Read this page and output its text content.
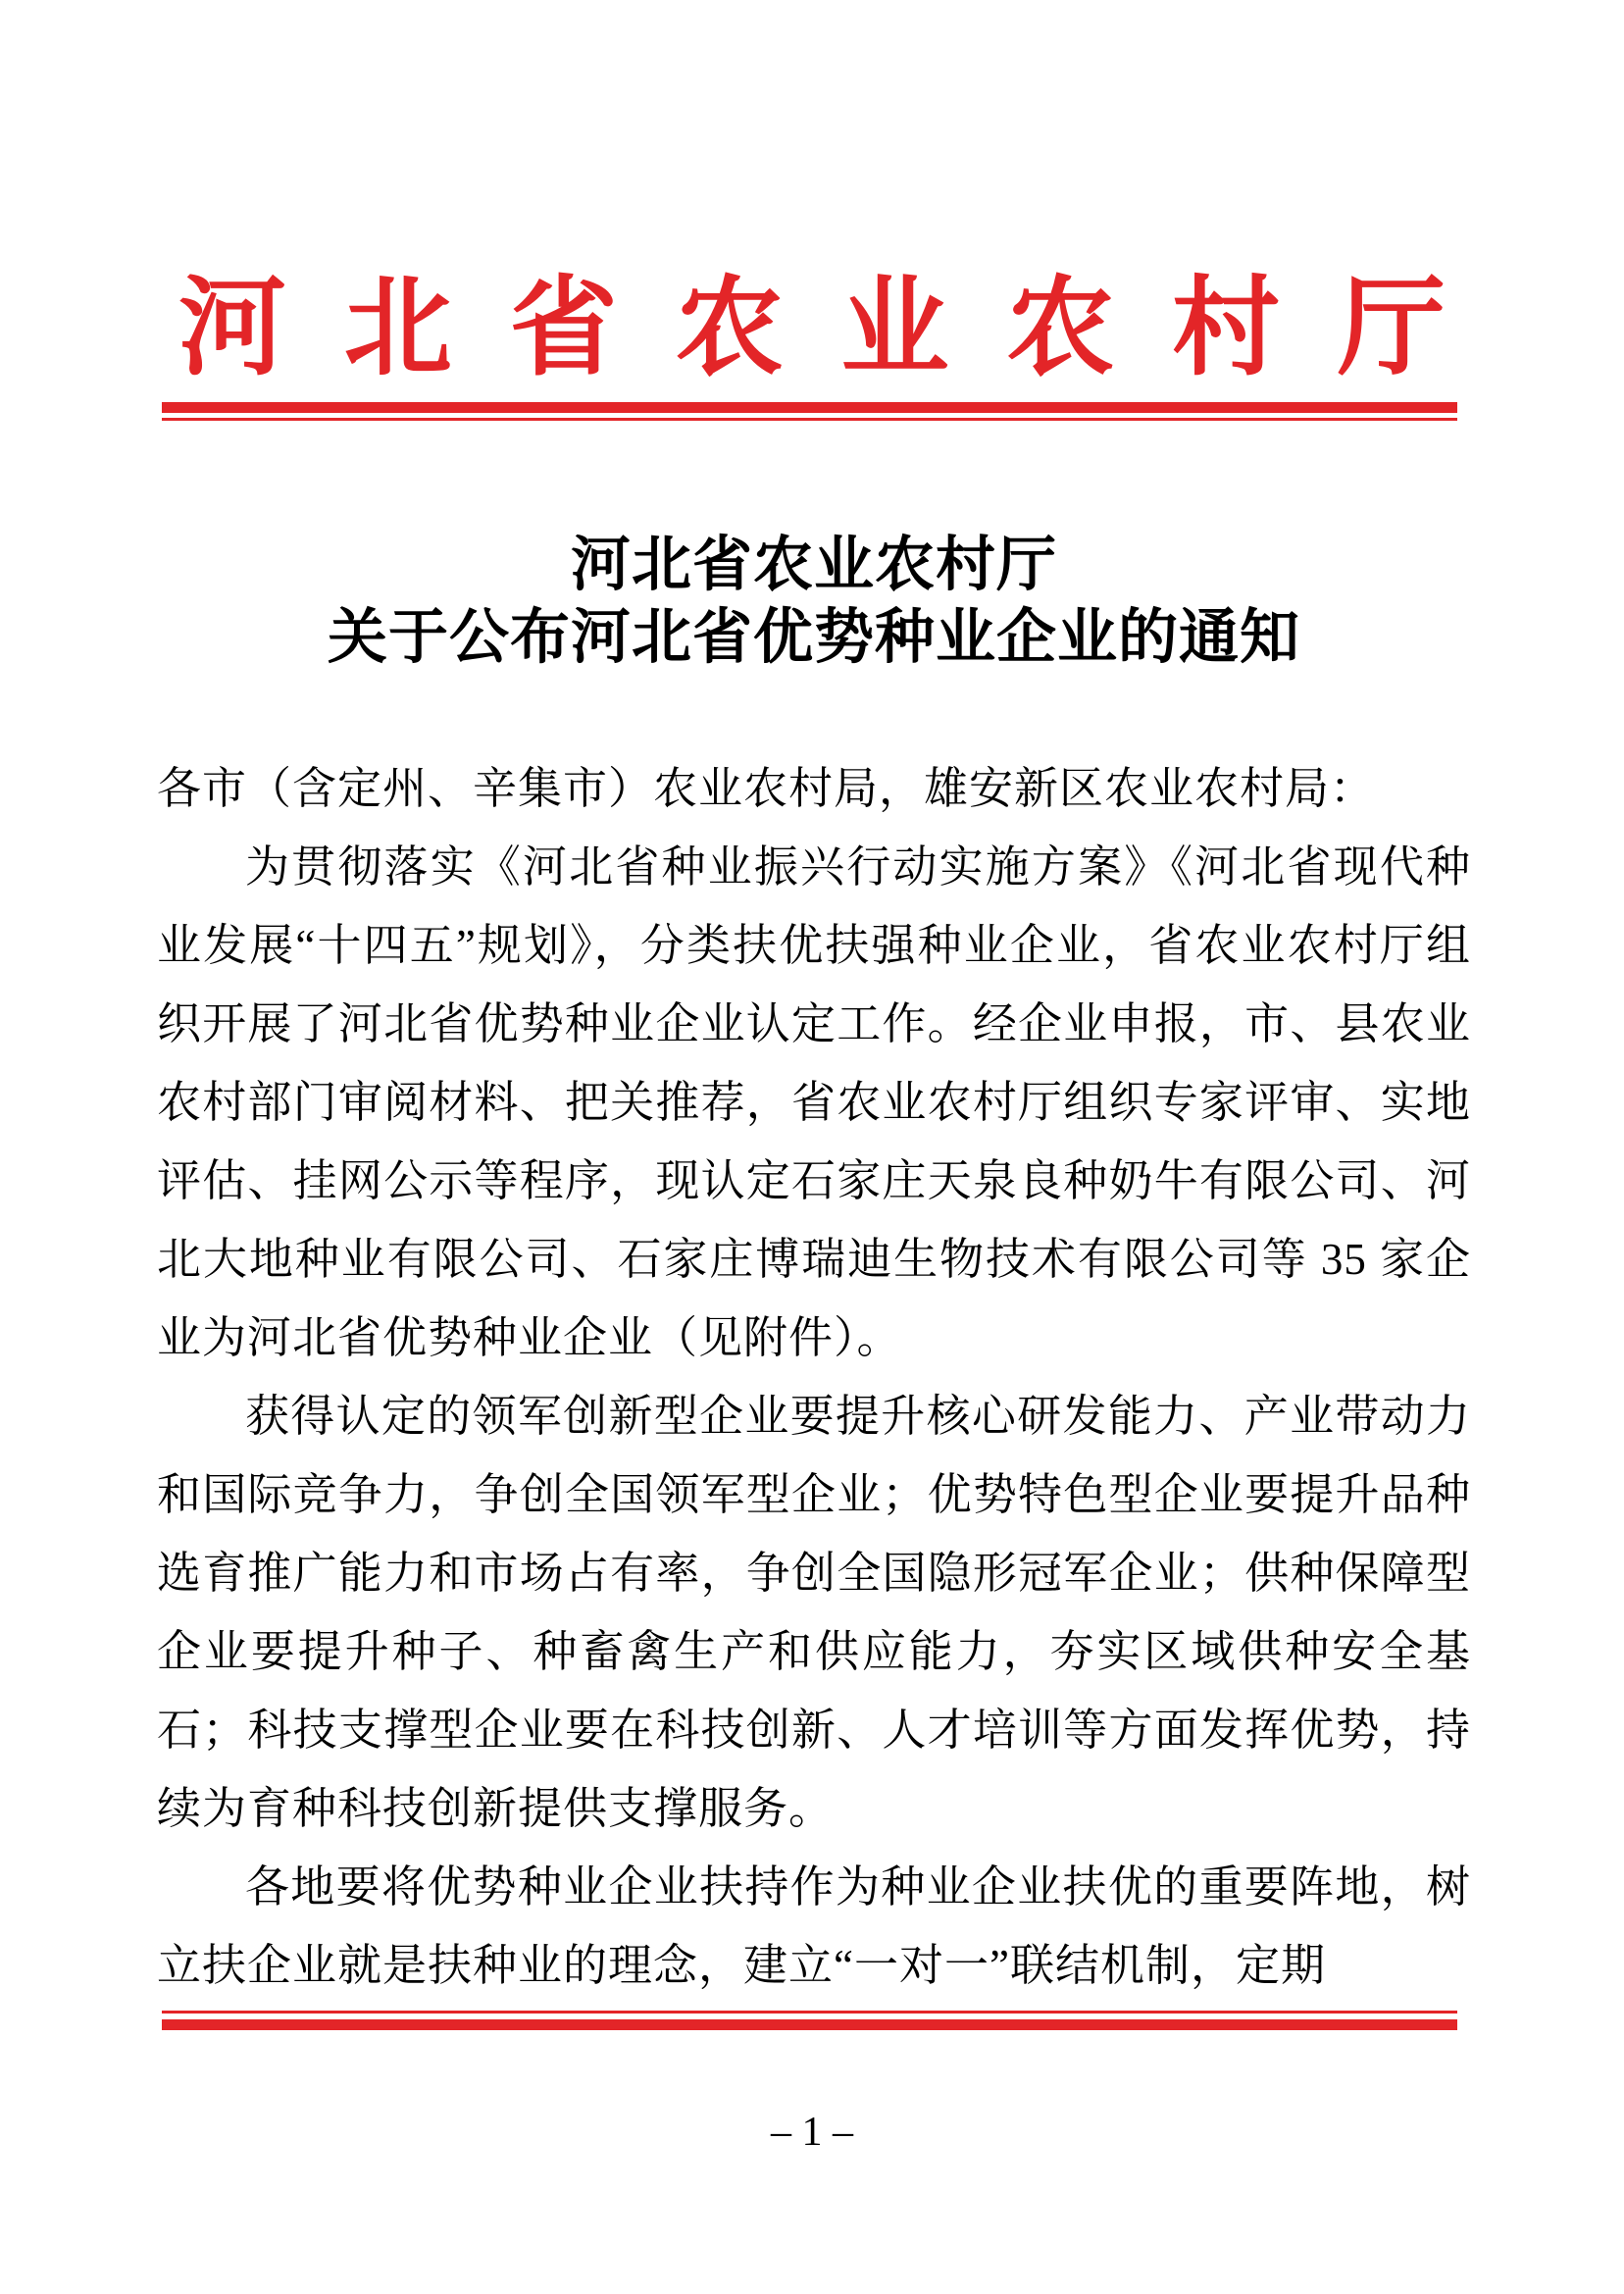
河北省农业农村厅
河北省农业农村厅
关于公布河北省优势种业企业的通知

各市（含定州、辛集市）农业农村局，雄安新区农业农村局：

为贯彻落实《河北省种业振兴行动实施方案》《河北省现代种业发展“十四五”规划》，分类扶优扶强种业企业，省农业农村厅组织开展了河北省优势种业企业认定工作。经企业申报，市、县农业农村部门审阅材料、把关推荐，省农业农村厅组织专家评审、实地评估、挂网公示等程序，现认定石家庄天泉良种奶牛有限公司、河北大地种业有限公司、石家庄博瑞迪生物技术有限公司等 35 家企业为河北省优势种业企业（见附件）。

获得认定的领军创新型企业要提升核心研发能力、产业带动力和国际竞争力，争创全国领军型企业；优势特色型企业要提升品种选育推广能力和市场占有率，争创全国隐形冠军企业；供种保障型企业要提升种子、种畜禽生产和供应能力，夯实区域供种安全基石；科技支撑型企业要在科技创新、人才培训等方面发挥优势，持续为育种科技创新提供支撑服务。

各地要将优势种业企业扶持作为种业企业扶优的重要阵地，树立扶企业就是扶种业的理念，建立“一对一”联结机制，定期

– 1 –
